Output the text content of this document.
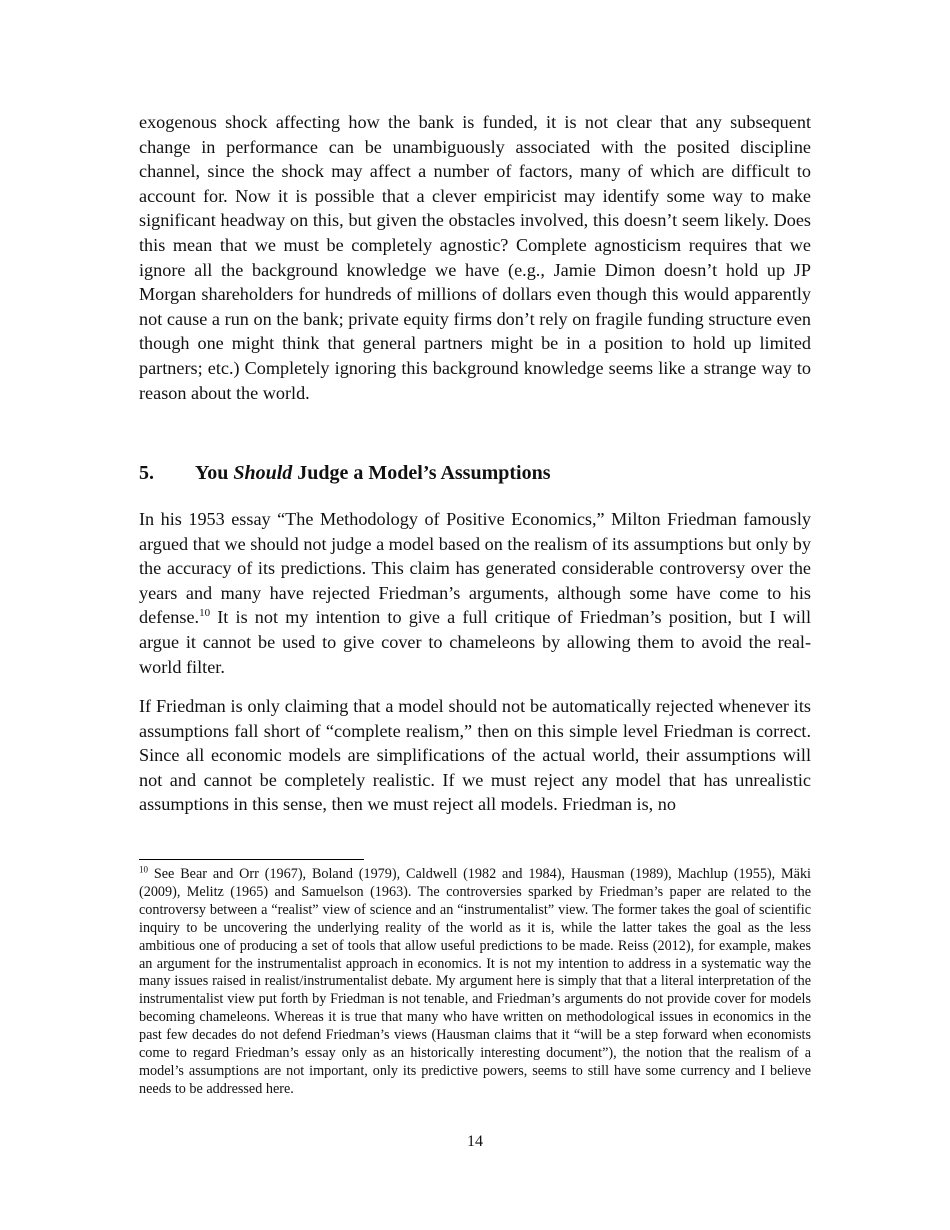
exogenous shock affecting how the bank is funded, it is not clear that any subsequent change in performance can be unambiguously associated with the posited discipline channel, since the shock may affect a number of factors, many of which are difficult to account for. Now it is possible that a clever empiricist may identify some way to make significant headway on this, but given the obstacles involved, this doesn’t seem likely. Does this mean that we must be completely agnostic? Complete agnosticism requires that we ignore all the background knowledge we have (e.g., Jamie Dimon doesn’t hold up JP Morgan shareholders for hundreds of millions of dollars even though this would apparently not cause a run on the bank; private equity firms don’t rely on fragile funding structure even though one might think that general partners might be in a position to hold up limited partners; etc.) Completely ignoring this background knowledge seems like a strange way to reason about the world.

5. You Should Judge a Model’s Assumptions

In his 1953 essay “The Methodology of Positive Economics,” Milton Friedman famously argued that we should not judge a model based on the realism of its assumptions but only by the accuracy of its predictions. This claim has generated considerable controversy over the years and many have rejected Friedman’s arguments, although some have come to his defense.$^{10}$ It is not my intention to give a full critique of Friedman’s position, but I will argue it cannot be used to give cover to chameleons by allowing them to avoid the real-world filter.

If Friedman is only claiming that a model should not be automatically rejected whenever its assumptions fall short of “complete realism,” then on this simple level Friedman is correct. Since all economic models are simplifications of the actual world, their assumptions will not and cannot be completely realistic. If we must reject any model that has unrealistic assumptions in this sense, then we must reject all models. Friedman is, no

$^{10}$ See Bear and Orr (1967), Boland (1979), Caldwell (1982 and 1984), Hausman (1989), Machlup (1955), Mäki (2009), Melitz (1965) and Samuelson (1963). The controversies sparked by Friedman’s paper are related to the controversy between a “realist” view of science and an “instrumentalist” view. The former takes the goal of scientific inquiry to be uncovering the underlying reality of the world as it is, while the latter takes the goal as the less ambitious one of producing a set of tools that allow useful predictions to be made. Reiss (2012), for example, makes an argument for the instrumentalist approach in economics. It is not my intention to address in a systematic way the many issues raised in realist/instrumentalist debate. My argument here is simply that that a literal interpretation of the instrumentalist view put forth by Friedman is not tenable, and Friedman’s arguments do not provide cover for models becoming chameleons. Whereas it is true that many who have written on methodological issues in economics in the past few decades do not defend Friedman’s views (Hausman claims that it “will be a step forward when economists come to regard Friedman’s essay only as an historically interesting document”), the notion that the realism of a model’s assumptions are not important, only its predictive powers, seems to still have some currency and I believe needs to be addressed here.

14
